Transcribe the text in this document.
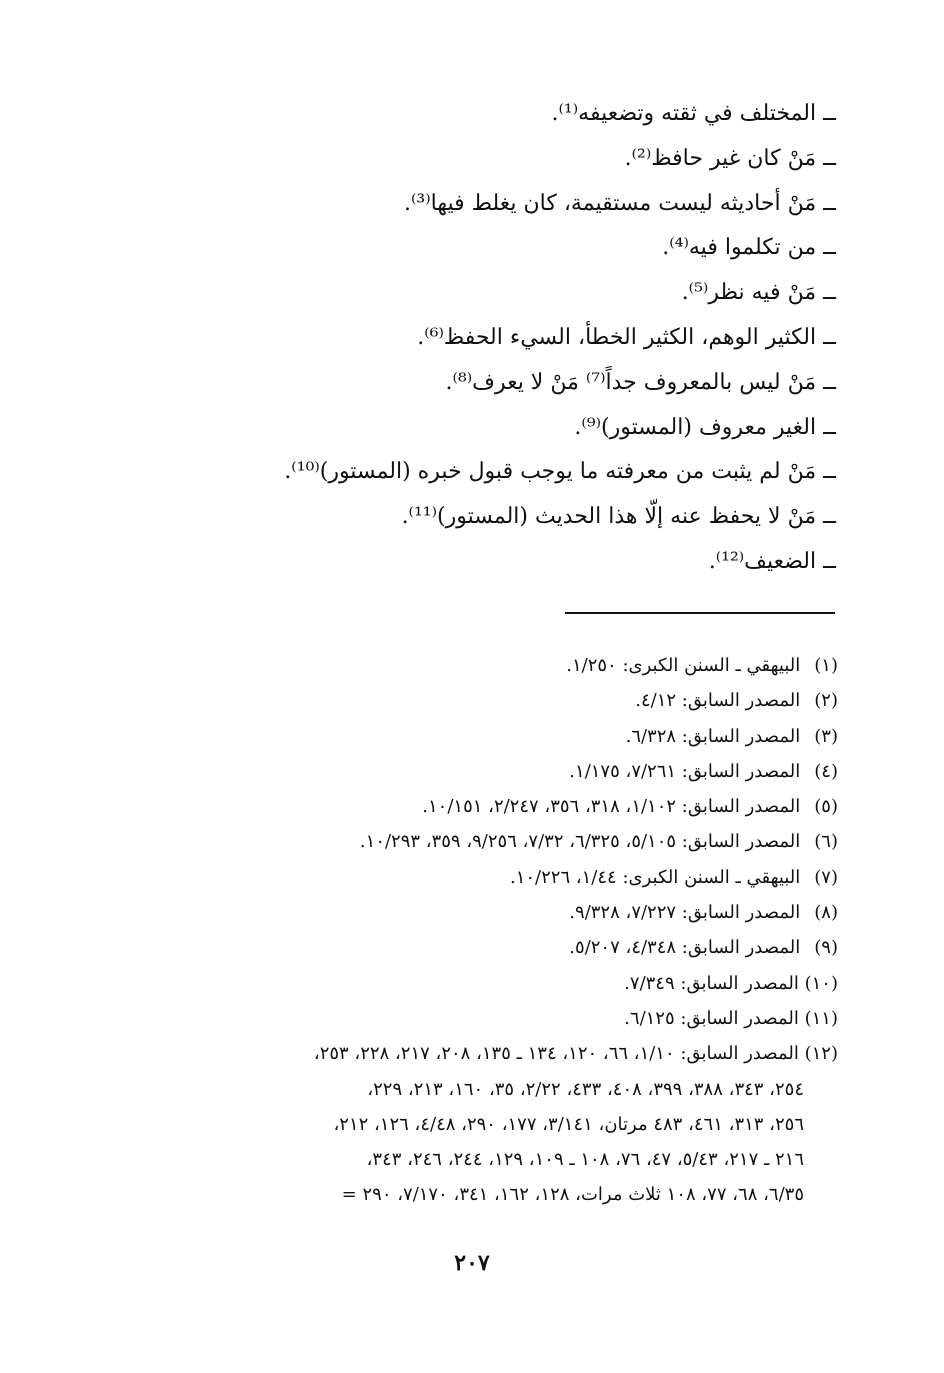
ــ المختلف في ثقته وتضعيفه⁽¹⁾.
ــ مَنْ كان غير حافظ⁽²⁾.
ــ مَنْ أحاديثه ليست مستقيمة، كان يغلط فيها⁽³⁾.
ــ من تكلموا فيه⁽⁴⁾.
ــ مَنْ فيه نظر⁽⁵⁾.
ــ الكثير الوهم، الكثير الخطأ، السيء الحفظ⁽⁶⁾.
ــ مَنْ ليس بالمعروف جداً⁽⁷⁾ مَنْ لا يعرف⁽⁸⁾.
ــ الغير معروف (المستور)⁽⁹⁾.
ــ مَنْ لم يثبت من معرفته ما يوجب قبول خبره (المستور)⁽¹⁰⁾.
ــ مَنْ لا يحفظ عنه إلّا هذا الحديث (المستور)⁽¹¹⁾.
ــ الضعيف⁽¹²⁾.
(١) البيهقي ـ السنن الكبرى: ١/٢٥٠.
(٢) المصدر السابق: ٤/١٢.
(٣) المصدر السابق: ٦/٣٢٨.
(٤) المصدر السابق: ٧/٢٦١، ١/١٧٥.
(٥) المصدر السابق: ١/١٠٢، ٣١٨، ٣٥٦، ٢/٢٤٧، ١٠/١٥١.
(٦) المصدر السابق: ٥/١٠٥، ٦/٣٢٥، ٧/٣٢، ٩/٢٥٦، ٣٥٩، ١٠/٢٩٣.
(٧) البيهقي ـ السنن الكبرى: ١/٤٤، ١٠/٢٢٦.
(٨) المصدر السابق: ٧/٢٢٧، ٩/٣٢٨.
(٩) المصدر السابق: ٤/٣٤٨، ٥/٢٠٧.
(١٠) المصدر السابق: ٧/٣٤٩.
(١١) المصدر السابق: ٦/١٢٥.
(١٢) المصدر السابق: ١/١٠، ٦٦، ١٢٠، ١٣٤ ـ ١٣٥، ٢٠٨، ٢١٧، ٢٢٨، ٢٥٣،
٢٥٤، ٣٤٣، ٣٨٨، ٣٩٩، ٤٠٨، ٤٣٣، ٢/٢٢، ٣٥، ١٦٠، ٢١٣، ٢٢٩،
٢٥٦، ٣١٣، ٤٦١، ٤٨٣ مرتان، ٣/١٤١، ١٧٧، ٢٩٠، ٤/٤٨، ١٢٦، ٢١٢،
٢١٦ ـ ٢١٧، ٥/٤٣، ٤٧، ٧٦، ١٠٨ ـ ١٠٩، ١٢٩، ٢٤٤، ٢٤٦، ٣٤٣،
٦/٣٥، ٦٨، ٧٧، ١٠٨ ثلاث مرات، ١٢٨، ١٦٢، ٣٤١، ٧/١٧٠، ٢٩٠ =
٢٠٧
